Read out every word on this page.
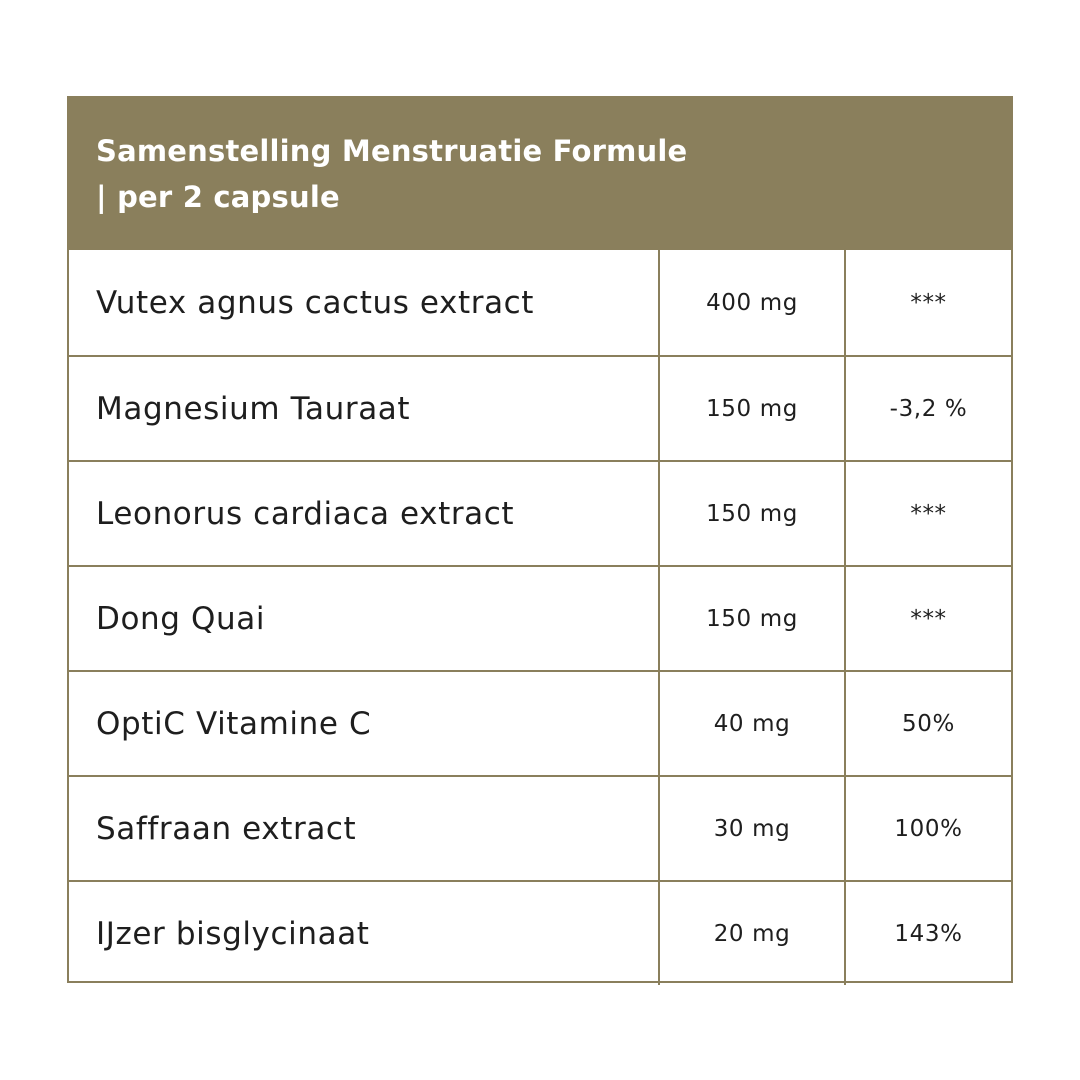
Samenstelling Menstruatie Formule
| per 2 capsule
Vutex agnus cactus extract	400 mg	***
Magnesium Tauraat	150 mg	-3,2 %
Leonorus cardiaca extract	150 mg	***
Dong Quai	150 mg	***
OptiC Vitamine C	40 mg	50%
Saffraan extract	30 mg	100%
IJzer bisglycinaat	20 mg	143%
